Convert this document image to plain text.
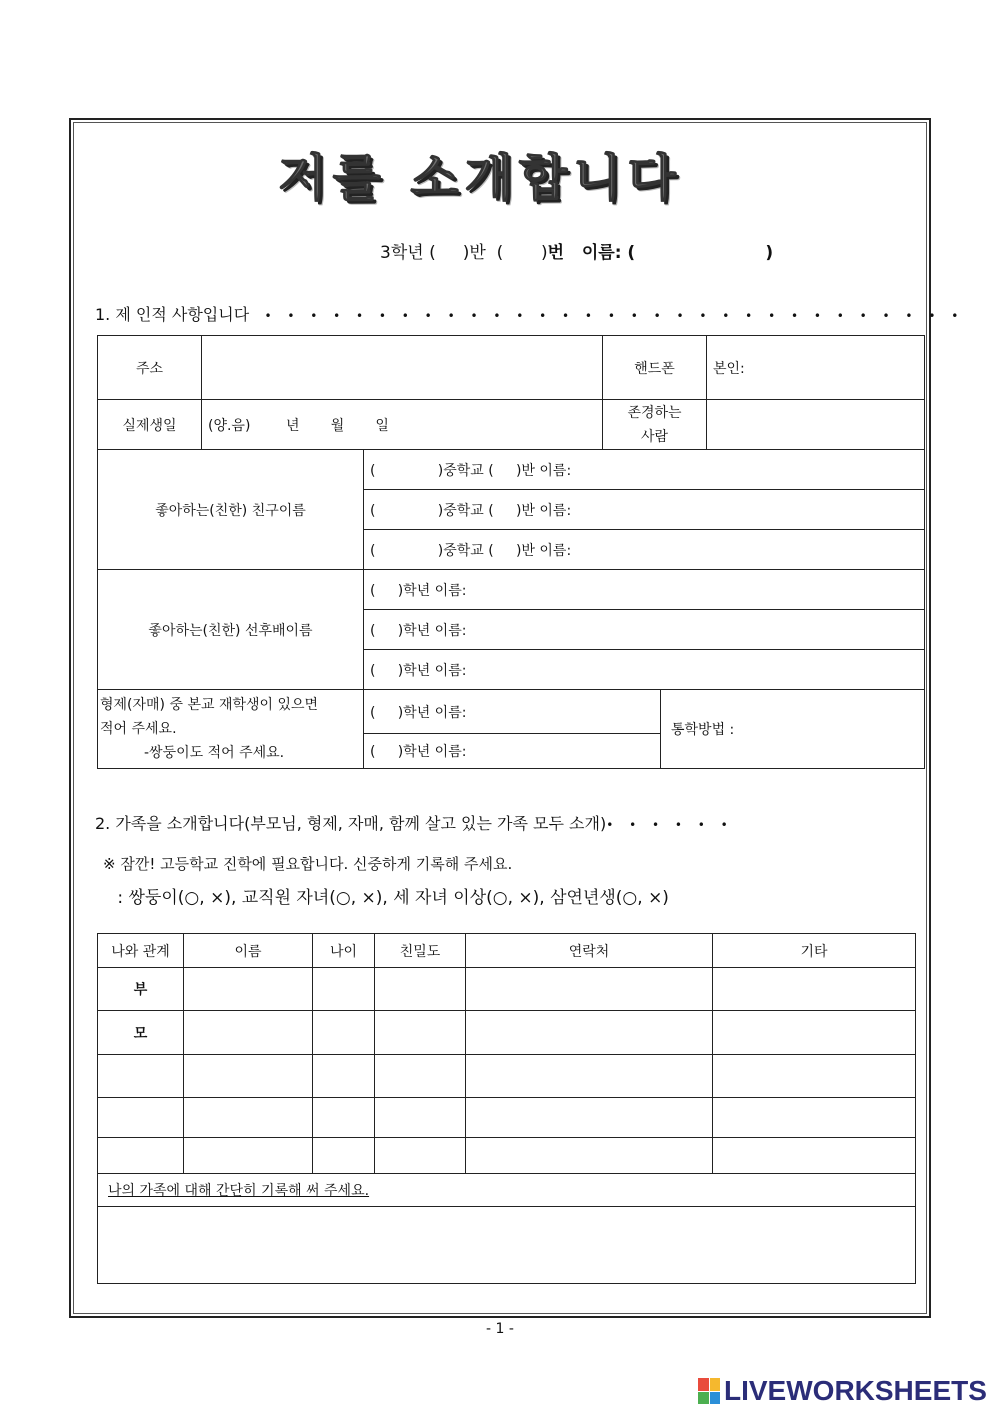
저를 소개합니다
3학년 (     )반  (       )번   이름: (	)
1. 제 인적 사항입니다 • • • • • • • • • • • • • • • • • • • • • • • • • • • • • • •
주소		핸드폰	본인:
실제생일	(양.음)        년       월       일	존경하는
사람	
좋아하는(친한) 친구이름	(              )중학교 (     )반 이름:	
	(              )중학교 (     )반 이름:	
	(              )중학교 (     )반 이름:	
좋아하는(친한) 선후배이름	(     )학년 이름:	
	(     )학년 이름:	
	(     )학년 이름:	

형제(자매) 중 본교 재학생이 있으면
적어 주세요.
-쌍둥이도 적어 주세요.	(     )학년 이름:	통학방법 :
	(     )학년 이름:	
2. 가족을 소개합니다(부모님, 형제, 자매, 함께 살고 있는 가족 모두 소개)• • • • • •
※ 잠깐! 고등학교 진학에 필요합니다. 신중하게 기록해 주세요.
: 쌍둥이(○, ×), 교직원 자녀(○, ×), 세 자녀 이상(○, ×), 삼연년생(○, ×)
나와 관계	이름	나이	친밀도	연락처	기타
부					
모					

나의 가족에 대해 간단히 기록해 써 주세요.					

- 1 -
LIVEWORKSHEETS
